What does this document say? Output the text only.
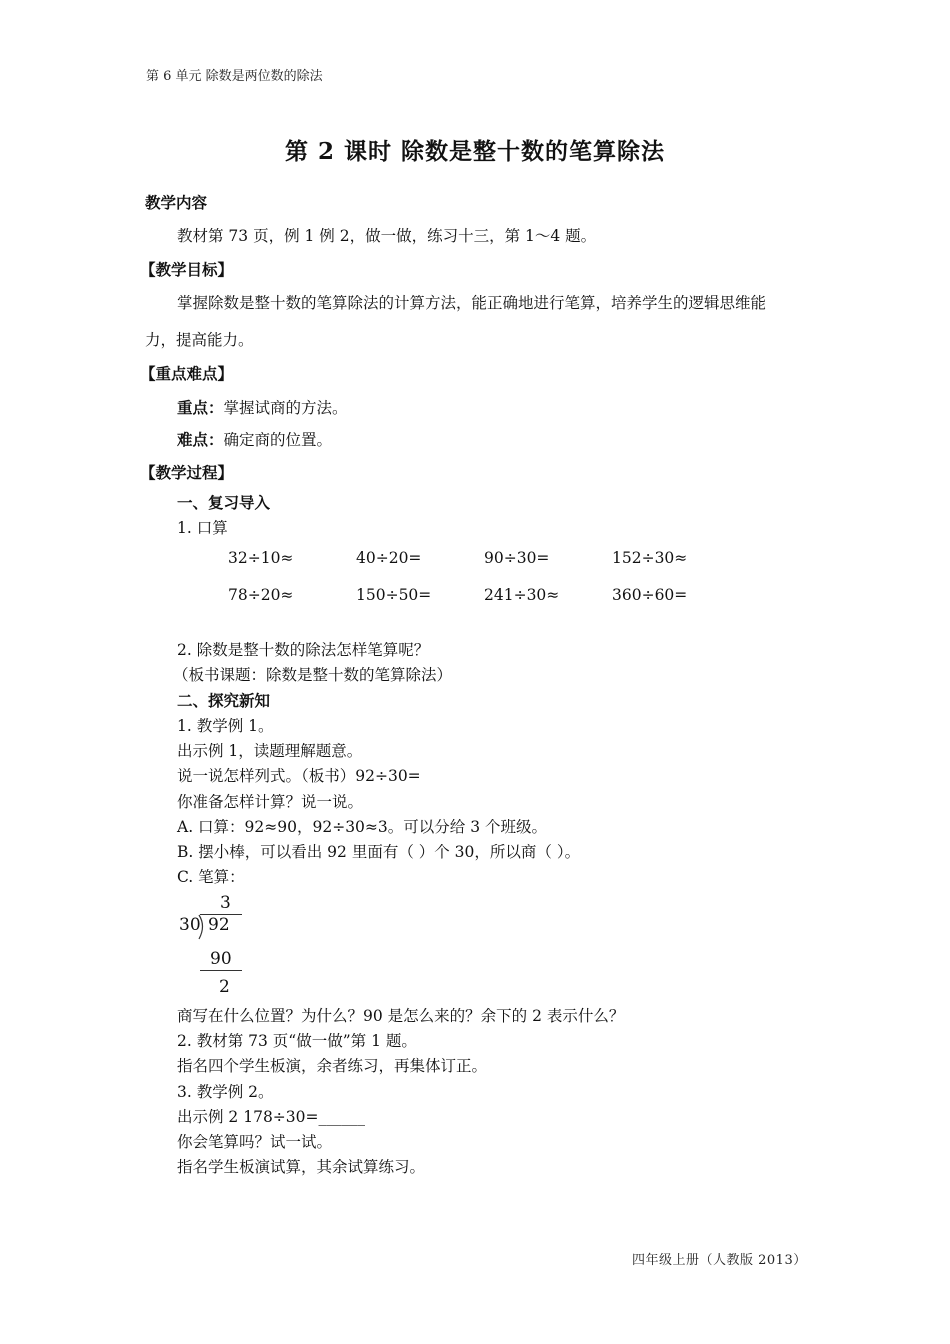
第 6 单元 除数是两位数的除法
第 2 课时 除数是整十数的笔算除法
教学内容
教材第 73 页，例 1 例 2，做一做，练习十三，第 1～4 题。
【教学目标】
掌握除数是整十数的笔算除法的计算方法，能正确地进行笔算，培养学生的逻辑思维能
力，提高能力。
【重点难点】
重点：掌握试商的方法。
难点：确定商的位置。
【教学过程】
一、复习导入
1. 口算
32÷10≈	40÷20=	90÷30=	152÷30≈
78÷20≈	150÷50=	241÷30≈	360÷60=
2. 除数是整十数的除法怎样笔算呢？
（板书课题：除数是整十数的笔算除法）
二、探究新知
1. 教学例 1。
出示例 1，读题理解题意。
说一说怎样列式。（板书）92÷30=
你准备怎样计算？说一说。
A. 口算：92≈90，92÷30≈3。可以分给 3 个班级。
B. 摆小棒，可以看出 92 里面有（ ）个 30，所以商（ ）。
C. 笔算：
3
30 92
90
2
商写在什么位置？为什么？90 是怎么来的？余下的 2 表示什么？
2. 教材第 73 页“做一做”第 1 题。
指名四个学生板演，余者练习，再集体订正。
3. 教学例 2。
出示例 2 178÷30=______
你会笔算吗？试一试。
指名学生板演试算，其余试算练习。
四年级上册（人教版 2013）
